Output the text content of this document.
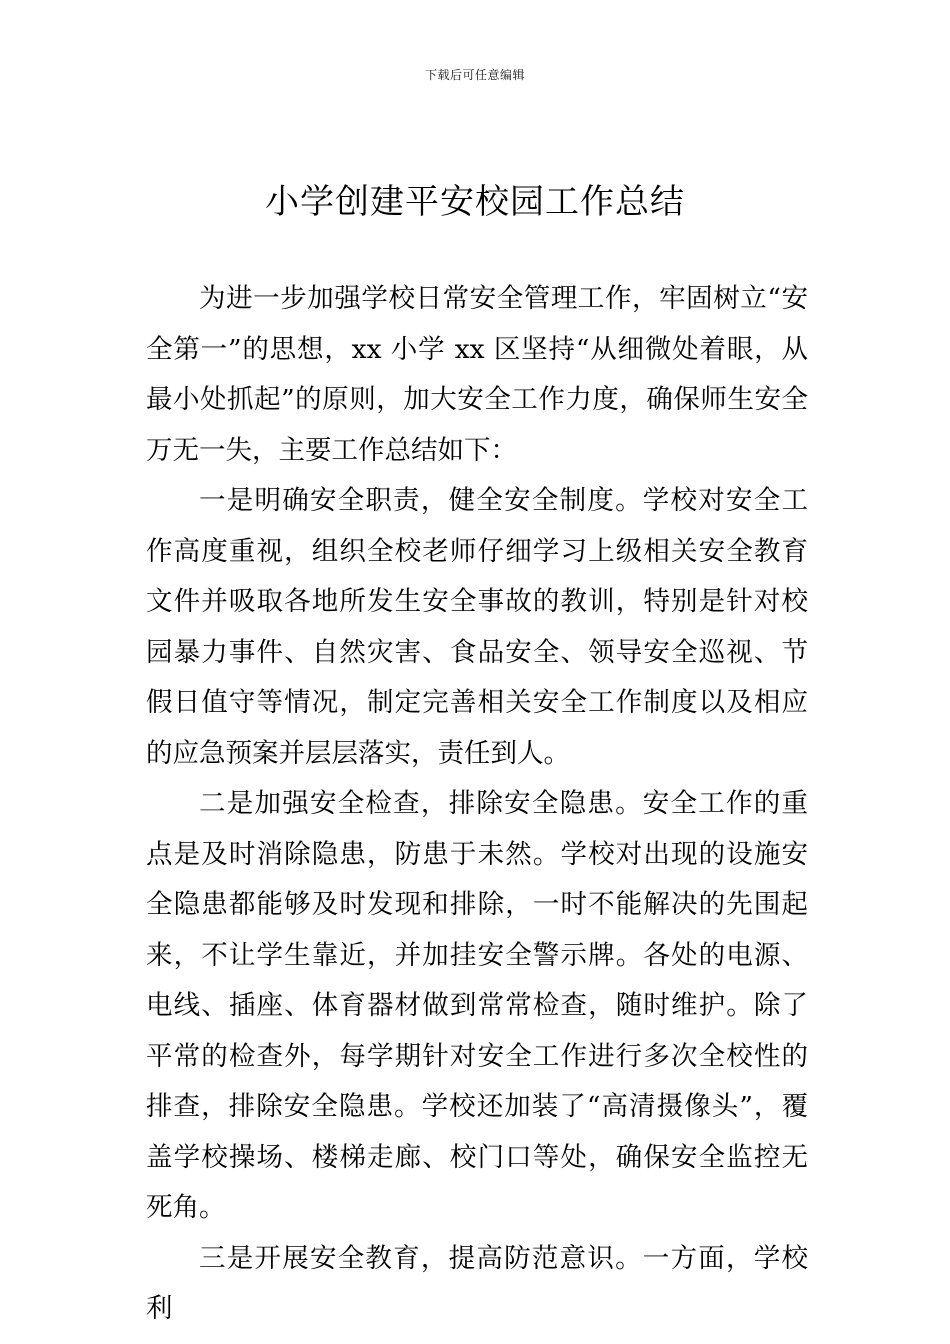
下载后可任意编辑
小学创建平安校园工作总结

为进一步加强学校日常安全管理工作，牢固树立“安全第一”的思想，xx 小学 xx 区坚持“从细微处着眼，从最小处抓起”的原则，加大安全工作力度，确保师生安全万无一失，主要工作总结如下：

一是明确安全职责，健全安全制度。学校对安全工作高度重视，组织全校老师仔细学习上级相关安全教育文件并吸取各地所发生安全事故的教训，特别是针对校园暴力事件、自然灾害、食品安全、领导安全巡视、节假日值守等情况，制定完善相关安全工作制度以及相应的应急预案并层层落实，责任到人。

二是加强安全检查，排除安全隐患。安全工作的重点是及时消除隐患，防患于未然。学校对出现的设施安全隐患都能够及时发现和排除，一时不能解决的先围起来，不让学生靠近，并加挂安全警示牌。各处的电源、电线、插座、体育器材做到常常检查，随时维护。除了平常的检查外，每学期针对安全工作进行多次全校性的排查，排除安全隐患。学校还加装了“高清摄像头”，覆盖学校操场、楼梯走廊、校门口等处，确保安全监控无死角。

三是开展安全教育，提高防范意识。一方面，学校利
